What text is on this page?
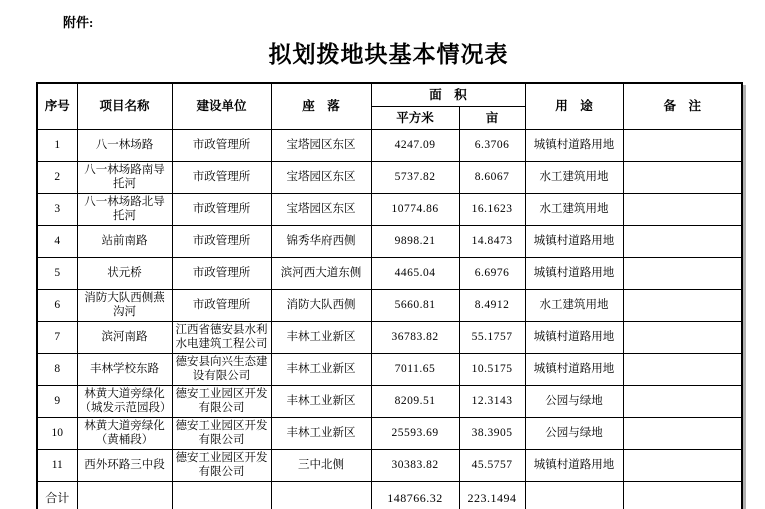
附件:
拟划拨地块基本情况表
序号	项目名称	建设单位	座　落	面　积		用　途	备　注
				平方米	亩		
1	八一林场路	市政管理所	宝塔园区东区	4247.09	6.3706	城镇村道路用地	
2	八一林场路南导托河	市政管理所	宝塔园区东区	5737.82	8.6067	水工建筑用地	
3	八一林场路北导托河	市政管理所	宝塔园区东区	10774.86	16.1623	水工建筑用地	
4	站前南路	市政管理所	锦秀华府西侧	9898.21	14.8473	城镇村道路用地	
5	状元桥	市政管理所	滨河西大道东侧	4465.04	6.6976	城镇村道路用地	
6	消防大队西侧燕沟河	市政管理所	消防大队西侧	5660.81	8.4912	水工建筑用地	
7	滨河南路	江西省德安县水利水电建筑工程公司	丰林工业新区	36783.82	55.1757	城镇村道路用地	
8	丰林学校东路	德安县向兴生态建设有限公司	丰林工业新区	7011.65	10.5175	城镇村道路用地	
9	林黄大道旁绿化（城发示范园段）	德安工业园区开发有限公司	丰林工业新区	8209.51	12.3143	公园与绿地	
10	林黄大道旁绿化（黄桶段）	德安工业园区开发有限公司	丰林工业新区	25593.69	38.3905	公园与绿地	
11	西外环路三中段	德安工业园区开发有限公司	三中北侧	30383.82	45.5757	城镇村道路用地	
合计				148766.32	223.1494		
